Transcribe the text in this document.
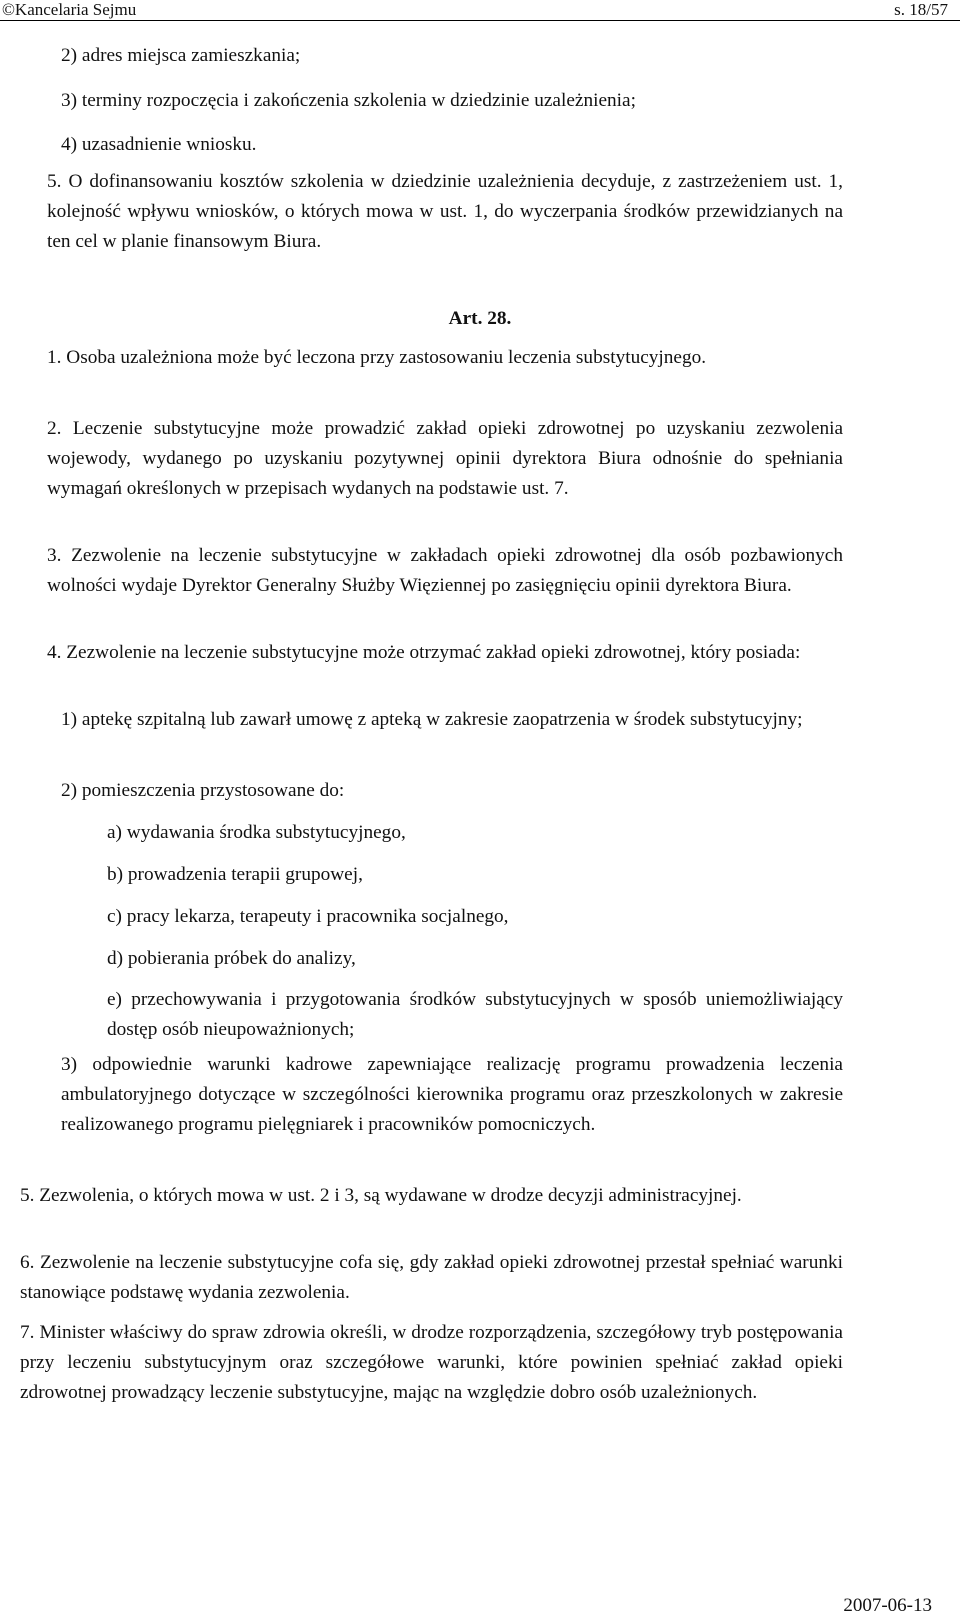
©Kancelaria Sejmu	s. 18/57
2) adres miejsca zamieszkania;
3) terminy rozpoczęcia i zakończenia szkolenia w dziedzinie uzależnienia;
4) uzasadnienie wniosku.
5. O dofinansowaniu kosztów szkolenia w dziedzinie uzależnienia decyduje, z zastrzeżeniem ust. 1, kolejność wpływu wniosków, o których mowa w ust. 1, do wyczerpania środków przewidzianych na ten cel w planie finansowym Biura.
Art. 28.
1. Osoba uzależniona może być leczona przy zastosowaniu leczenia substytucyjnego.
2. Leczenie substytucyjne może prowadzić zakład opieki zdrowotnej po uzyskaniu zezwolenia wojewody, wydanego po uzyskaniu pozytywnej opinii dyrektora Biura odnośnie do spełniania wymagań określonych w przepisach wydanych na podstawie ust. 7.
3. Zezwolenie na leczenie substytucyjne w zakładach opieki zdrowotnej dla osób pozbawionych wolności wydaje Dyrektor Generalny Służby Więziennej po zasięgnięciu opinii dyrektora Biura.
4. Zezwolenie na leczenie substytucyjne może otrzymać zakład opieki zdrowotnej, który posiada:
1) aptekę szpitalną lub zawarł umowę z apteką w zakresie zaopatrzenia w środek substytucyjny;
2) pomieszczenia przystosowane do:
a) wydawania środka substytucyjnego,
b) prowadzenia terapii grupowej,
c) pracy lekarza, terapeuty i pracownika socjalnego,
d) pobierania próbek do analizy,
e) przechowywania i przygotowania środków substytucyjnych w sposób uniemożliwiający dostęp osób nieupoważnionych;
3) odpowiednie warunki kadrowe zapewniające realizację programu prowadzenia leczenia ambulatoryjnego dotyczące w szczególności kierownika programu oraz przeszkolonych w zakresie realizowanego programu pielęgniarek i pracowników pomocniczych.
5. Zezwolenia, o których mowa w ust. 2 i 3, są wydawane w drodze decyzji administracyjnej.
6. Zezwolenie na leczenie substytucyjne cofa się, gdy zakład opieki zdrowotnej przestał spełniać warunki stanowiące podstawę wydania zezwolenia.
7. Minister właściwy do spraw zdrowia określi, w drodze rozporządzenia, szczegółowy tryb postępowania przy leczeniu substytucyjnym oraz szczegółowe warunki, które powinien spełniać zakład opieki zdrowotnej prowadzący leczenie substytucyjne, mając na względzie dobro osób uzależnionych.
2007-06-13
